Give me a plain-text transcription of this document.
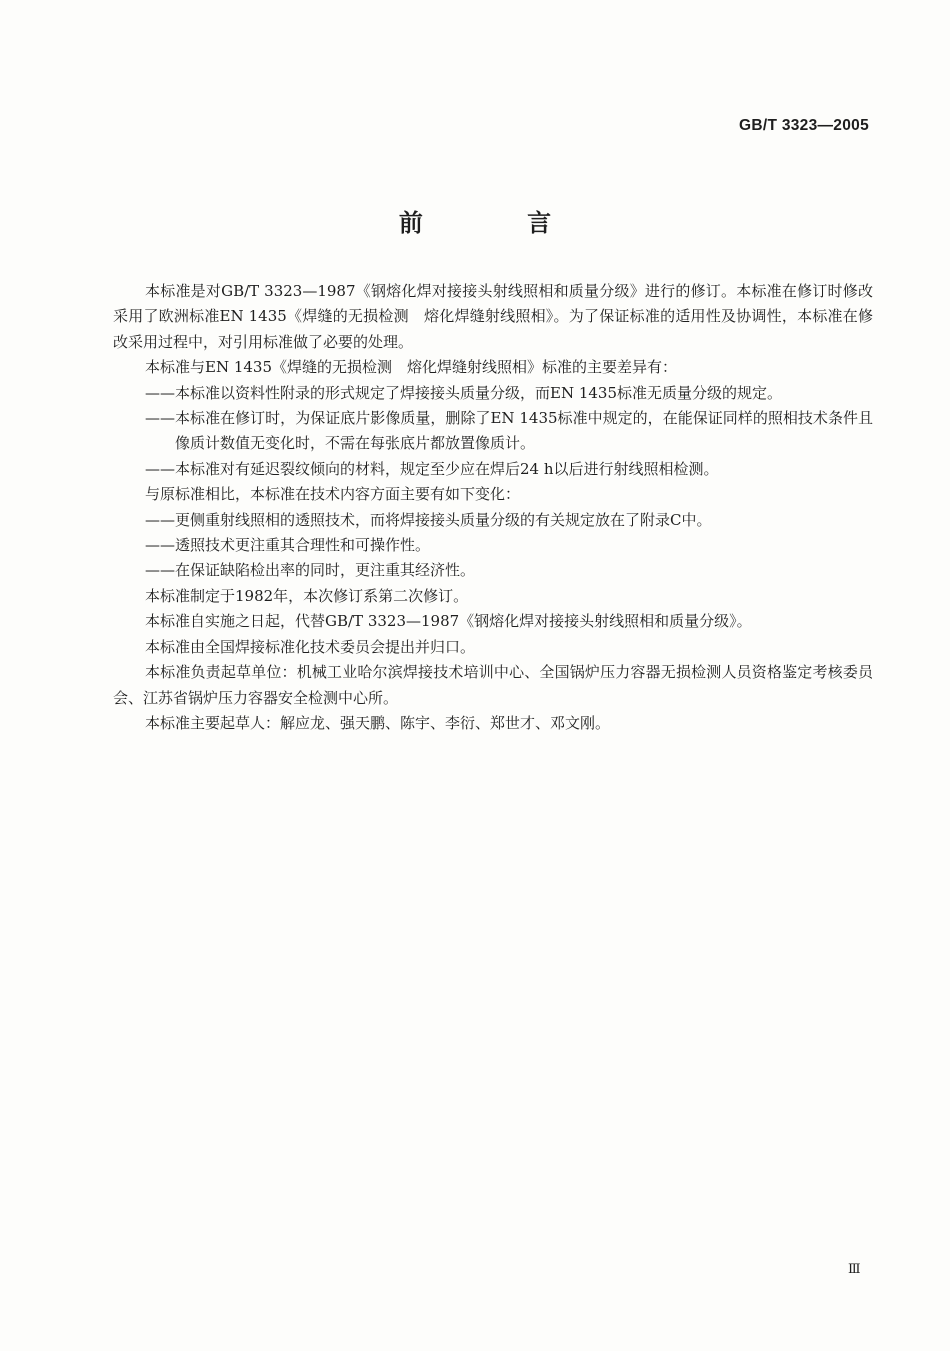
GB/T 3323—2005
前 言

本标准是对GB/T 3323—1987《钢熔化焊对接接头射线照相和质量分级》进行的修订。本标准在修订时修改采用了欧洲标准EN 1435《焊缝的无损检测　熔化焊缝射线照相》。为了保证标准的适用性及协调性，本标准在修改采用过程中，对引用标准做了必要的处理。

本标准与EN 1435《焊缝的无损检测　熔化焊缝射线照相》标准的主要差异有：

——本标准以资料性附录的形式规定了焊接接头质量分级，而EN 1435标准无质量分级的规定。

——本标准在修订时，为保证底片影像质量，删除了EN 1435标准中规定的，在能保证同样的照相技术条件且像质计数值无变化时，不需在每张底片都放置像质计。

——本标准对有延迟裂纹倾向的材料，规定至少应在焊后24 h以后进行射线照相检测。

与原标准相比，本标准在技术内容方面主要有如下变化：

——更侧重射线照相的透照技术，而将焊接接头质量分级的有关规定放在了附录C中。

——透照技术更注重其合理性和可操作性。

——在保证缺陷检出率的同时，更注重其经济性。

本标准制定于1982年，本次修订系第二次修订。

本标准自实施之日起，代替GB/T 3323—1987《钢熔化焊对接接头射线照相和质量分级》。

本标准由全国焊接标准化技术委员会提出并归口。

本标准负责起草单位：机械工业哈尔滨焊接技术培训中心、全国锅炉压力容器无损检测人员资格鉴定考核委员会、江苏省锅炉压力容器安全检测中心所。

本标准主要起草人：解应龙、强天鹏、陈宇、李衍、郑世才、邓文刚。

Ⅲ
